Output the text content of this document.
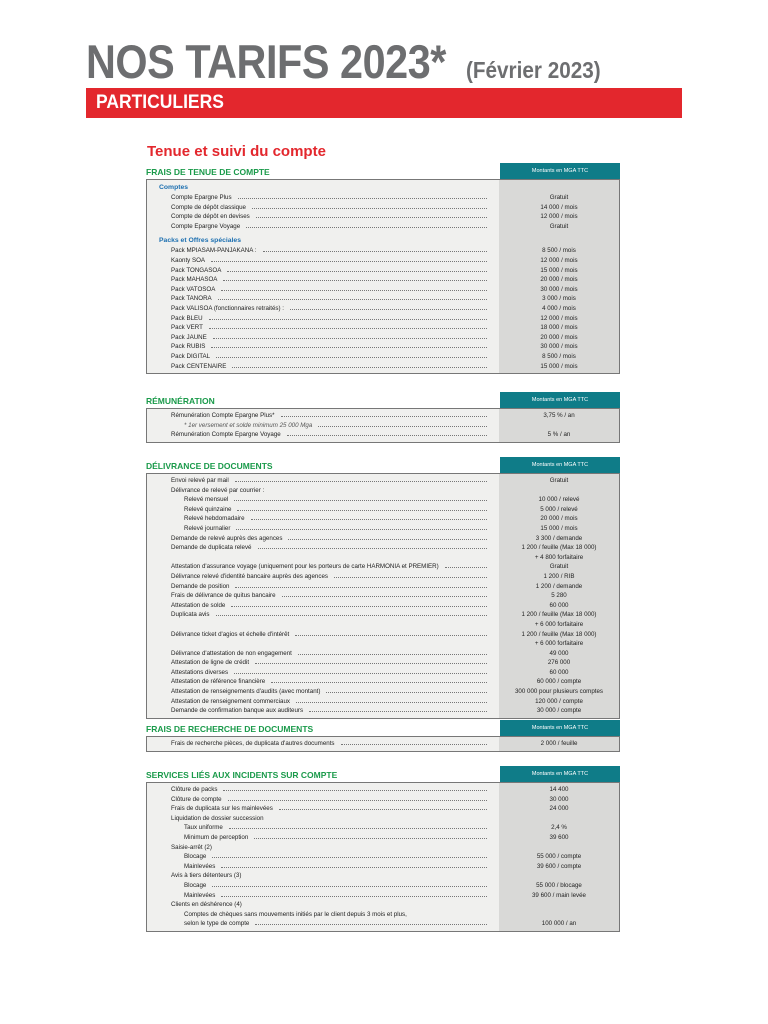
NOS TARIFS 2023* (Février 2023)
PARTICULIERS
Tenue et suivi du compte
FRAIS DE TENUE DE COMPTE	Montants en MGA TTC
Comptes
Compte Epargne Plus	Gratuit
Compte de dépôt classique	14 000 / mois
Compte de dépôt en devises	12 000 / mois
Compte Epargne Voyage	Gratuit
Packs et Offres spéciales
Pack MPIASAM-PANJAKANA :	8 500 / mois
Kaonty SOA	12 000 / mois
Pack TONGASOA	15 000 / mois
Pack MAHASOA	20 000 / mois
Pack VATOSOA	30 000 / mois
Pack TANORA	3 000 / mois
Pack VALISOA (fonctionnaires retraités) :	4 000 / mois
Pack BLEU	12 000 / mois
Pack VERT	18 000 / mois
Pack JAUNE	20 000 / mois
Pack RUBIS	30 000 / mois
Pack DIGITAL	8 500 / mois
Pack CENTENAIRE	15 000 / mois
RÉMUNÉRATION	Montants en MGA TTC
Rémunération Compte Epargne Plus*	3,75 % / an
* 1er versement et solde minimum 25 000 Mga
Rémunération Compte Epargne Voyage	5 % / an
DÉLIVRANCE DE DOCUMENTS	Montants en MGA TTC
Envoi relevé par mail	Gratuit
Délivrance de relevé par courrier :
Relevé mensuel	10 000 / relevé
Relevé quinzaine	5 000 / relevé
Relevé hebdomadaire	20 000 / mois
Relevé journalier	15 000 / mois
Demande de relevé auprès des agences	3 300 / demande
Demande de duplicata relevé	1 200 / feuille (Max 18 000)
+ 4 800 forfaitaire
Attestation d'assurance voyage (uniquement pour les porteurs de carte HARMONIA et PREMIER)	Gratuit
Délivrance relevé d'identité bancaire auprès des agences	1 200 / RIB
Demande de position	1 200 / demande
Frais de délivrance de quitus bancaire	5 280
Attestation de solde	60 000
Duplicata avis	1 200 / feuille (Max 18 000)
+ 6 000 forfaitaire
Délivrance ticket d'agios et échelle d'intérêt	1 200 / feuille (Max 18 000)
+ 6 000 forfaitaire
Délivrance d'attestation de non engagement	49 000
Attestation de ligne de crédit	276 000
Attestations diverses	60 000
Attestation de référence financière	60 000 / compte
Attestation de renseignements d'audits (avec montant)	300 000 pour plusieurs comptes
Attestation de renseignement commerciaux	120 000 / compte
Demande de confirmation banque aux auditeurs	30 000 / compte
FRAIS DE RECHERCHE DE DOCUMENTS	Montants en MGA TTC
Frais de recherche pièces, de duplicata d'autres documents	2 000 / feuille
SERVICES LIÉS AUX INCIDENTS SUR COMPTE	Montants en MGA TTC
Clôture de packs	14 400
Clôture de compte	30 000
Frais de duplicata sur les mainlevées	24 000
Liquidation de dossier succession
Taux uniforme	2,4 %
Minimum de perception	39 600
Saisie-arrêt (2)
Blocage	55 000 / compte
Mainlevées	39 600 / compte
Avis à tiers détenteurs (3)
Blocage	55 000 / blocage
Mainlevées	39 600 / main levée
Clients en déshérence (4)
Comptes de chèques sans mouvements initiés par le client depuis 3 mois et plus,
selon le type de compte	100 000 / an
